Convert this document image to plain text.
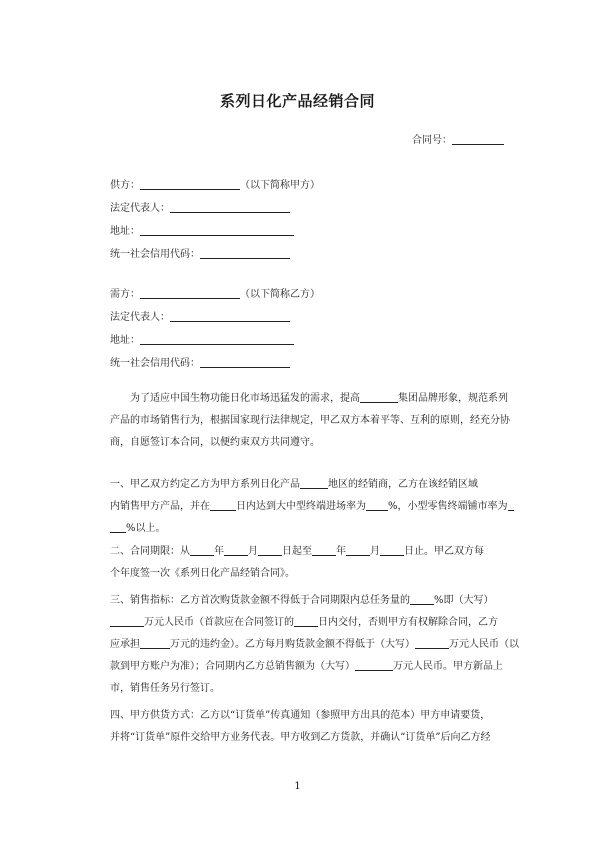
系列日化产品经销合同
合同号：
供方：	（以下简称甲方）
法定代表人：
地址：
统一社会信用代码：
需方：	（以下简称乙方）
法定代表人：
地址：
统一社会信用代码：
为了适应中国生物功能日化市场迅猛发的需求，提高	集团品牌形象，规范系列
产品的市场销售行为，根据国家现行法律规定，甲乙双方本着平等、互利的原则，经充分协
商，自愿签订本合同，以便约束双方共同遵守。
一、甲乙双方约定乙方为甲方系列日化产品	地区的经销商，乙方在该经销区域
内销售甲方产品，并在	日内达到大中型终端进场率为 %，小型零售终端铺市率为
%以上。
二、合同期限：从 年 月 日起至 年 月 日止。甲乙双方每
个年度签一次《系列日化产品经销合同》。
三、销售指标：乙方首次购货款金额不得低于合同期限内总任务量的 %即（大写）
万元人民币（首款应在合同签订的 日内交付，否则甲方有权解除合同，乙方
应承担	万元的违约金）。乙方每月购货款金额不得低于（大写）	万元人民币（以
款到甲方账户为准）；合同期内乙方总销售额为（大写）	万元人民币。甲方新品上
市，销售任务另行签订。
四、甲方供货方式：乙方以“订货单”传真通知（参照甲方出具的范本）甲方申请要货，
并将“订货单”原件交给甲方业务代表。甲方收到乙方货款，并确认“订货单”后向乙方经
1
